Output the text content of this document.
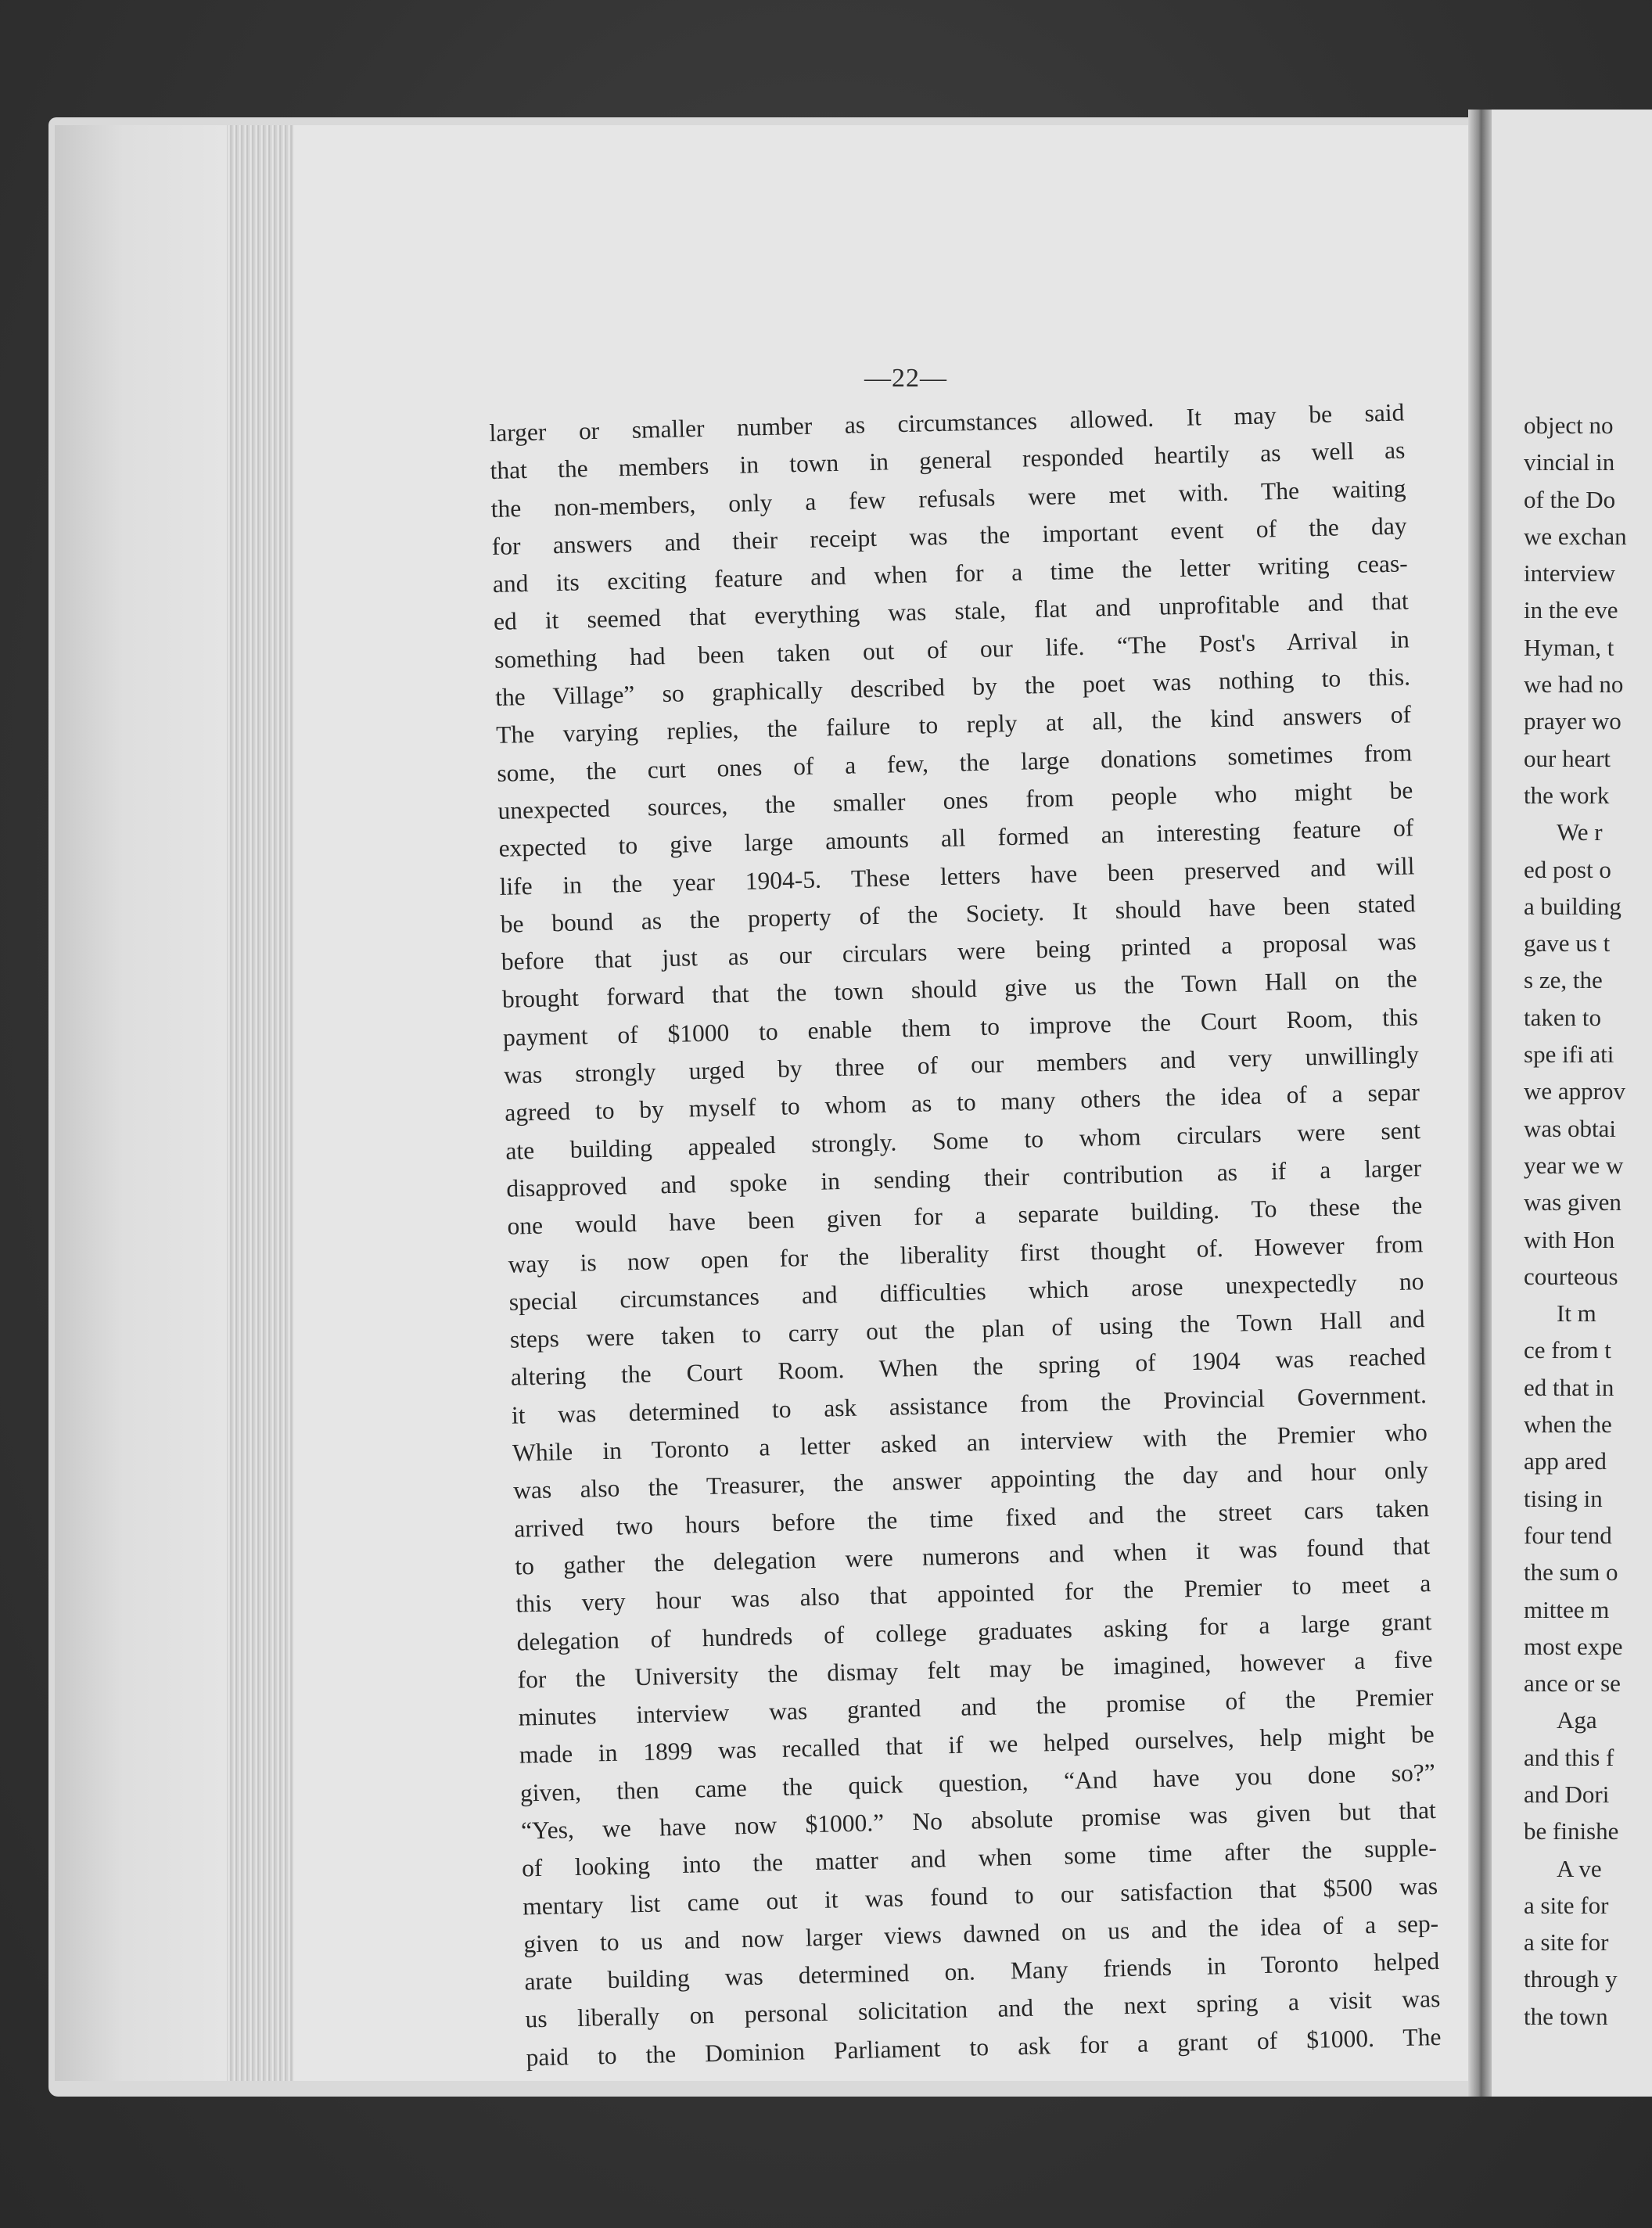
—22—
larger or smaller number as circumstances allowed. It may be said
that the members in town in general responded heartily as well as
the non-members, only a few refusals were met with. The waiting
for answers and their receipt was the important event of the day
and its exciting feature and when for a time the letter writing ceas-
ed it seemed that everything was stale, flat and unprofitable and that
something had been taken out of our life. “The Post's Arrival in
the Village” so graphically described by the poet was nothing to this.
The varying replies, the failure to reply at all, the kind answers of
some, the curt ones of a few, the large donations sometimes from
unexpected sources, the smaller ones from people who might be
expected to give large amounts all formed an interesting feature of
life in the year 1904-5. These letters have been preserved and will
be bound as the property of the Society. It should have been stated
before that just as our circulars were being printed a proposal was
brought forward that the town should give us the Town Hall on the
payment of $1000 to enable them to improve the Court Room, this
was strongly urged by three of our members and very unwillingly
agreed to by myself to whom as to many others the idea of a separ
ate building appealed strongly. Some to whom circulars were sent
disapproved and spoke in sending their contribution as if a larger
one would have been given for a separate building. To these the
way is now open for the liberality first thought of. However from
special circumstances and difficulties which arose unexpectedly no
steps were taken to carry out the plan of using the Town Hall and
altering the Court Room. When the spring of 1904 was reached
it was determined to ask assistance from the Provincial Government.
While in Toronto a letter asked an interview with the Premier who
was also the Treasurer, the answer appointing the day and hour only
arrived two hours before the time fixed and the street cars taken
to gather the delegation were numerons and when it was found that
this very hour was also that appointed for the Premier to meet a
delegation of hundreds of college graduates asking for a large grant
for the University the dismay felt may be imagined, however a five
minutes interview was granted and the promise of the Premier
made in 1899 was recalled that if we helped ourselves, help might be
given, then came the quick question, “And have you done so?”
“Yes, we have now $1000.” No absolute promise was given but that
of looking into the matter and when some time after the supple-
mentary list came out it was found to our satisfaction that $500 was
given to us and now larger views dawned on us and the idea of a sep-
arate building was determined on. Many friends in Toronto helped
us liberally on personal solicitation and the next spring a visit was
paid to the Dominion Parliament to ask for a grant of $1000. The
object no
vincial in
of the Do
we exchan
interview
in the eve
Hyman, t
we had no
prayer wo
our heart
the work
We r
ed post o
a building
gave us t
s ze, the
taken to
spe ifi ati
we approv
was obtai
year we w
was given
with Hon
courteous
It m
ce from t
ed that in
when the
app ared
tising in
four tend
the sum o
mittee m
most expe
ance or se
Aga
and this f
and Dori
be finishe
A ve
a site for
a site for
through y
the town
